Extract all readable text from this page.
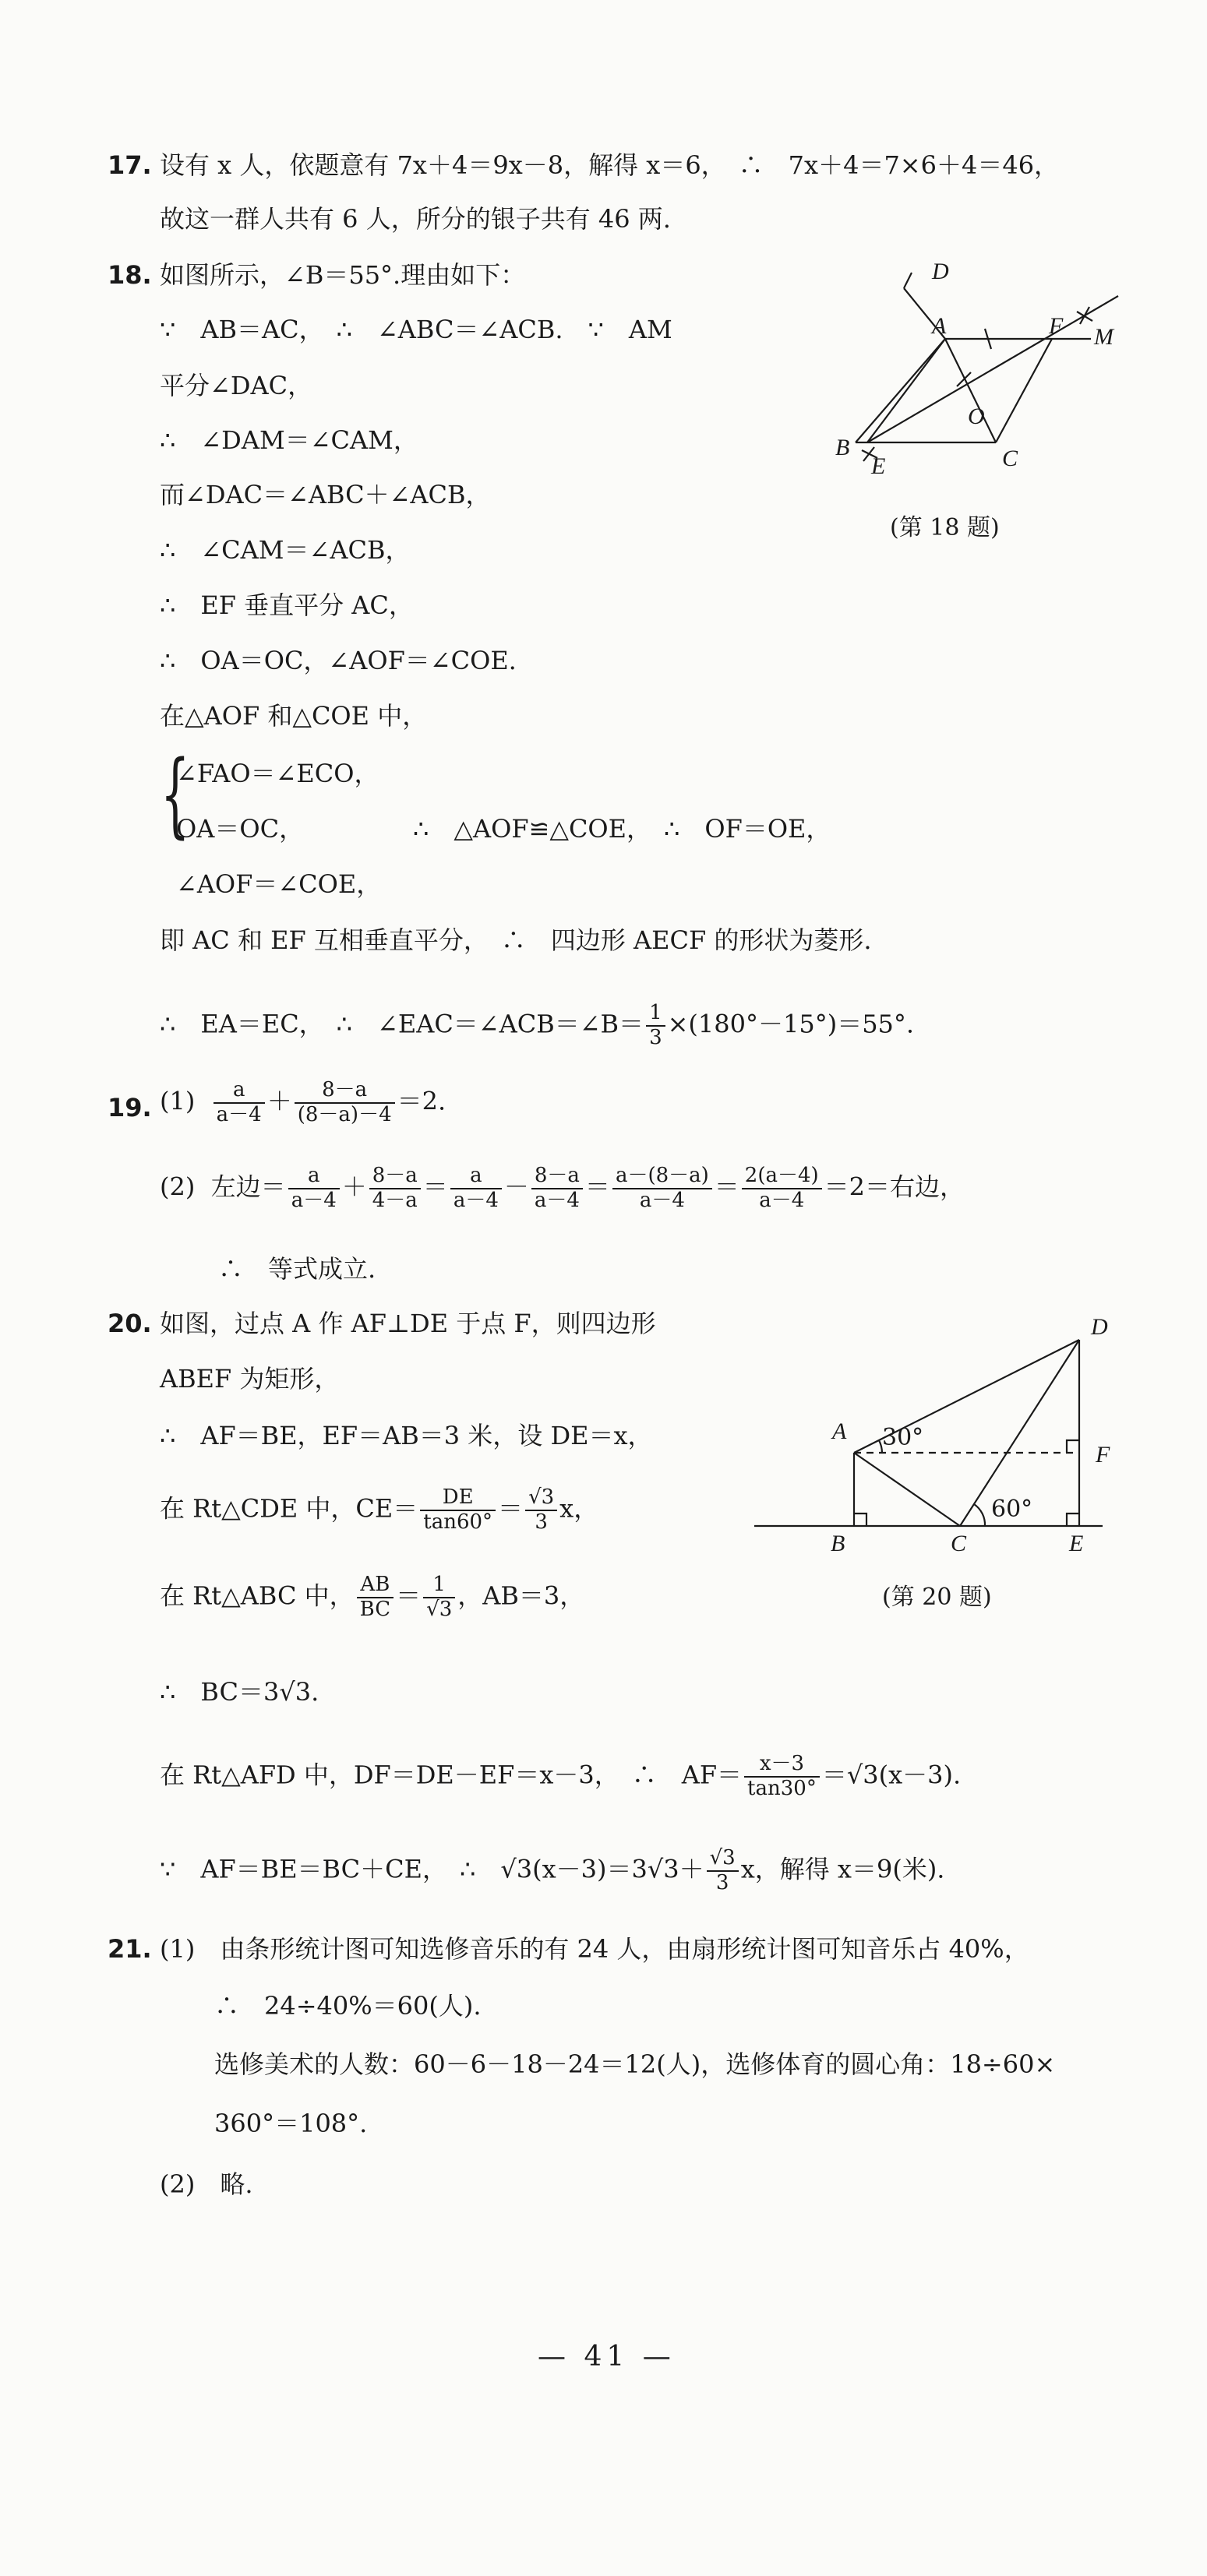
17. 设有 x 人，依题意有 7x＋4＝9x－8，解得 x＝6，　∴　7x＋4＝7×6＋4＝46，
故这一群人共有 6 人，所分的银子共有 46 两.
18. 如图所示，∠B＝55°.理由如下：
∵　AB＝AC，　∴　∠ABC＝∠ACB.　∵　AM
平分∠DAC，
∴　∠DAM＝∠CAM，
而∠DAC＝∠ABC＋∠ACB，
∴　∠CAM＝∠ACB，
∴　EF 垂直平分 AC，
∴　OA＝OC，∠AOF＝∠COE.
在△AOF 和△COE 中，
{
∠FAO＝∠ECO，
OA＝OC，
∠AOF＝∠COE，
∴　△AOF≌△COE，　∴　OF＝OE，
即 AC 和 EF 互相垂直平分，　∴　四边形 AECF 的形状为菱形.
∴　EA＝EC，　∴　∠EAC＝∠ACB＝∠B＝ $\frac{1}{3} \times(180^\circ-15^\circ)=55^\circ$.
A
D
F M
O
B
E	C
(第 18 题)
19. $(1) \frac{a}{a-4} + \frac{8-a}{(8-a)-4} =2$.
(2) 左边＝ $\frac{a}{a-4} + \frac{8-a}{4-a} = \frac{a}{a-4} - \frac{8-a}{a-4} = \frac{a-(8-a)}{a-4} = \frac{2(a-4)}{a-4} =2=$右边，
∴　等式成立.
20. 如图，过点 A 作 AF⊥DE 于点 F，则四边形
ABEF 为矩形，
∴　AF＝BE，EF＝AB＝3 米，设 DE＝x，
在 Rt△CDE 中，$CE= \frac{DE}{\tan 60^\circ} = \frac{√3}{3}$ x，
在 Rt△ABC 中， $\frac{AB}{BC} = \frac{1}{√3}$ ，AB＝3，
∴　BC＝3√3.
在 Rt△AFD 中，DF＝DE－EF＝x－3，　∴　$AF= \frac{x-3}{\tan 30^\circ} =√3(x-3)$.
∵　AF＝BE＝BC＋CE，　∴　$√3(x-3)=3√3+ \frac{√3}{3}$ x，解得 x＝9(米).
A
D
F
B	C	E
30°
60°
(第 20 题)
21. (1)　由条形统计图可知选修音乐的有 24 人，由扇形统计图可知音乐占 40%，
∴　24÷40%＝60(人).
选修美术的人数：60－6－18－24＝12(人)，选修体育的圆心角：18÷60×
360°＝108°.
(2)　略.
— 41 —
